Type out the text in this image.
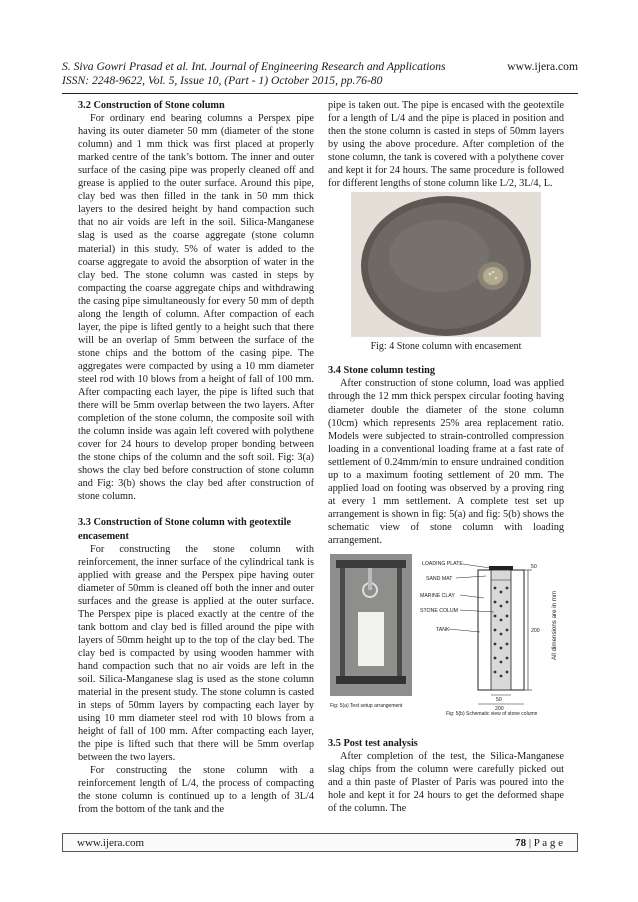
S. Siva Gowri Prasad et al. Int. Journal of Engineering Research and Applications	www.ijera.com
ISSN: 2248-9622, Vol. 5, Issue 10, (Part - 1) October 2015, pp.76-80
3.2 Construction of Stone column

For ordinary end bearing columns a Perspex pipe having its outer diameter 50 mm (diameter of the stone column) and 1 mm thick was first placed at properly marked centre of the tank’s bottom. The inner and outer surface of the casing pipe was properly cleaned off and grease is applied to the outer surface. Around this pipe, clay bed was then filled in the tank in 50 mm thick layers to the desired height by hand compaction such that no air voids are left in the soil. Silica-Manganese slag is used as the coarse aggregate (stone column material) in this study. 5% of water is added to the coarse aggregate to avoid the absorption of water in the clay bed. The stone column was casted in steps by compacting the coarse aggregate chips and withdrawing the casing pipe simultaneously for every 50 mm of depth along the length of column. After compaction of each layer, the pipe is lifted gently to a height such that there will be an overlap of 5mm between the surface of the stone chips and the bottom of the casing pipe. The aggregates were compacted by using a 10 mm diameter steel rod with 10 blows from a height of fall of 100 mm. After compacting each layer, the pipe is lifted such that there will be 5mm overlap between the two layers. After completion of the stone column, the composite soil with the column inside was again left covered with polythene cover for 24 hours to develop proper bonding between the stone chips of the column and the soft soil. Fig: 3(a) shows the clay bed before construction of stone column and Fig: 3(b) shows the clay bed after construction of stone column.

3.3 Construction of Stone column with geotextile encasement

For constructing the stone column with reinforcement, the inner surface of the cylindrical tank is applied with grease and the Perspex pipe having outer diameter of 50mm is cleaned off both the inner and outer surfaces and the grease is applied at the outer surface. The Perspex pipe is placed exactly at the centre of the tank bottom and clay bed is filled around the pipe with layers of 50mm height up to the top of the clay bed. The clay bed is compacted by using wooden hammer with hand compaction such that no air voids are left in the soil. Silica-Manganese slag is used as the stone column material in the present study. The stone column is casted in steps of 50mm layers by compacting each layer by using 10 mm diameter steel rod with 10 blows from a height of fall of 100 mm. After compacting each layer, the pipe is lifted such that there will be 5mm overlap between the two layers.

For constructing the stone column with a reinforcement length of L/4, the process of compacting the stone column is continued up to a length of 3L/4 from the bottom of the tank and the

pipe is taken out. The pipe is encased with the geotextile for a length of L/4 and the pipe is placed in position and then the stone column is casted in steps of 50mm layers by using the above procedure. After completion of the stone column, the tank is covered with a polythene cover and kept it for 24 hours. The same procedure is followed for different lengths of stone column like L/2, 3L/4, L.

Fig: 4 Stone column with encasement
3.4 Stone column testing

After construction of stone column, load was applied through the 12 mm thick perspex circular footing having diameter double the diameter of the stone column (10cm) which represents 25% area replacement ratio. Models were subjected to strain-controlled compression loading in a conventional loading frame at a fast rate of settlement of 0.24mm/min to ensure undrained condition up to a maximum footing settlement of 20 mm. The applied load on footing was observed by a proving ring at every 1 mm settlement. A complete test set up arrangement is shown in fig: 5(a) and fig: 5(b) shows the schematic view of stone column with loading arrangement.

LOADING PLATE
SAND MAT
MARINE CLAY
STONE COLUM
TANK
50
200
50
200
All dimensions are in mm
Fig: 5(a) Test setup arrangement
Fig: 5(b) Schematic view of stone column
3.5 Post test analysis

After completion of the test, the Silica-Manganese slag chips from the column were carefully picked out and a thin paste of Plaster of Paris was poured into the hole and kept it for 24 hours to get the deformed shape of the column. The

www.ijera.com	78 | P a g e
